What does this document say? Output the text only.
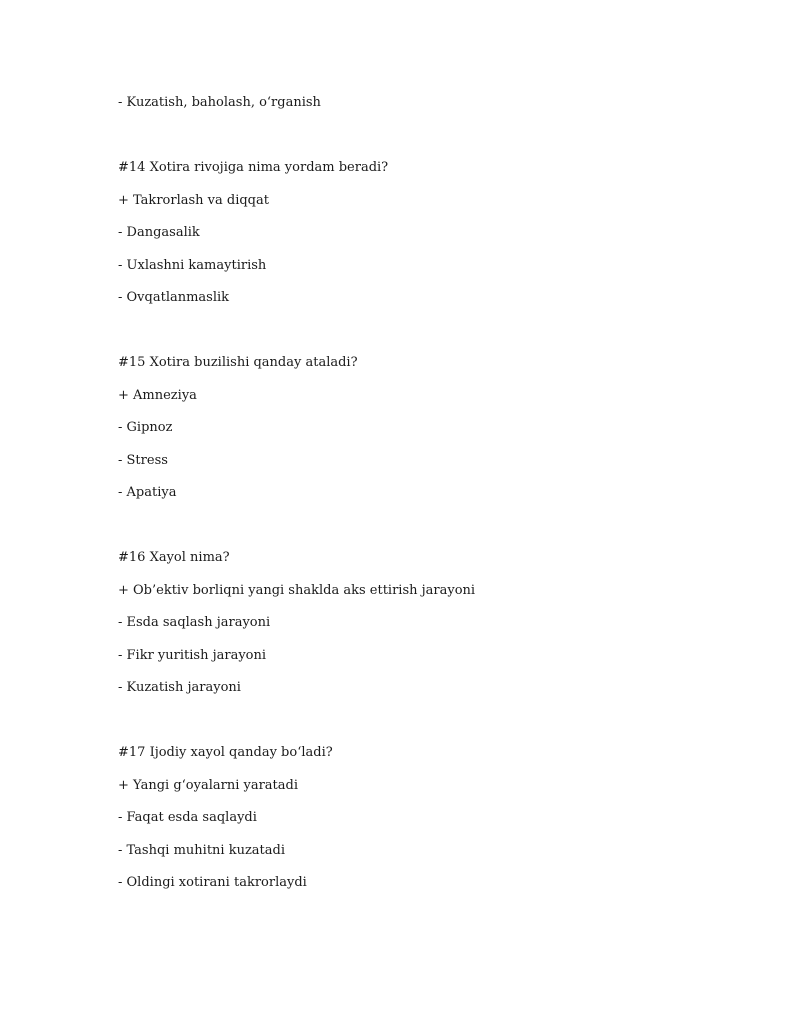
- Kuzatish, baholash, o‘rganish
#14 Xotira rivojiga nima yordam beradi?
+ Takrorlash va diqqat
- Dangasalik
- Uxlashni kamaytirish
- Ovqatlanmaslik
#15 Xotira buzilishi qanday ataladi?
+ Amneziya
- Gipnoz
- Stress
- Apatiya
#16 Xayol nima?
+ Ob’ektiv borliqni yangi shaklda aks ettirish jarayoni
- Esda saqlash jarayoni
- Fikr yuritish jarayoni
- Kuzatish jarayoni
#17 Ijodiy xayol qanday bo‘ladi?
+ Yangi g‘oyalarni yaratadi
- Faqat esda saqlaydi
- Tashqi muhitni kuzatadi
- Oldingi xotirani takrorlaydi
